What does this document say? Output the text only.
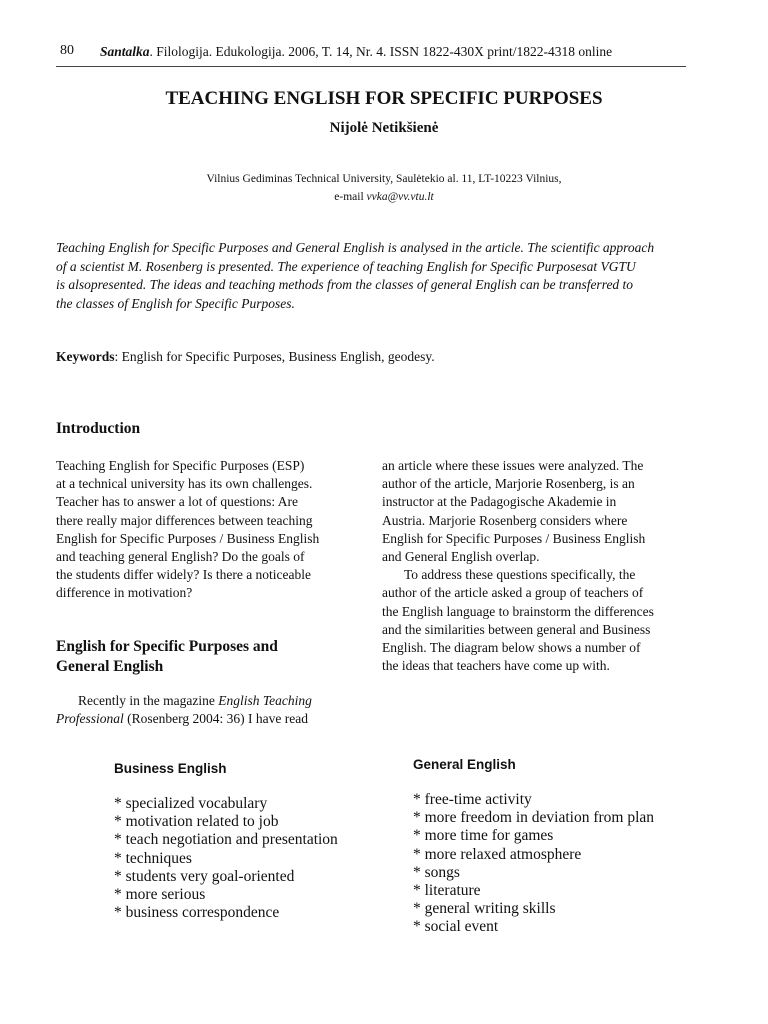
80 Santalka. Filologija. Edukologija. 2006, T. 14, Nr. 4. ISSN 1822-430X print/1822-4318 online
TEACHING ENGLISH FOR SPECIFIC PURPOSES
Nijolė Netikšienė
Vilnius Gediminas Technical University, Saulėtekio al. 11, LT-10223 Vilnius,
e-mail vvka@vv.vtu.lt
Teaching English for Specific Purposes and General English is analysed in the article. The scientific approach
of a scientist M. Rosenberg is presented. The experience of teaching English for Specific Purposesat VGTU
is alsopresented. The ideas and teaching methods from the classes of general English can be transferred to
the classes of English for Specific Purposes.
Keywords: English for Specific Purposes, Business English, geodesy.
Introduction
Teaching English for Specific Purposes (ESP)
at a technical university has its own challenges.
Teacher has to answer a lot of questions: Are
there really major differences between teaching
English for Specific Purposes / Business English
and teaching general English? Do the goals of
the students differ widely? Is there a noticeable
difference in motivation?
English for Specific Purposes and
General English
Recently in the magazine English Teaching
Professional (Rosenberg 2004: 36) I have read
an article where these issues were analyzed. The
author of the article, Marjorie Rosenberg, is an
instructor at the Padagogische Akademie in
Austria. Marjorie Rosenberg considers where
English for Specific Purposes / Business English
and General English overlap.
To address these questions specifically, the
author of the article asked a group of teachers of
the English language to brainstorm the differences
and the similarities between general and Business
English. The diagram below shows a number of
the ideas that teachers have come up with.
Business English
* specialized vocabulary
* motivation related to job
* teach negotiation and presentation
* techniques
* students very goal-oriented
* more serious
* business correspondence
General English
* free-time activity
* more freedom in deviation from plan
* more time for games
* more relaxed atmosphere
* songs
* literature
* general writing skills
* social event
